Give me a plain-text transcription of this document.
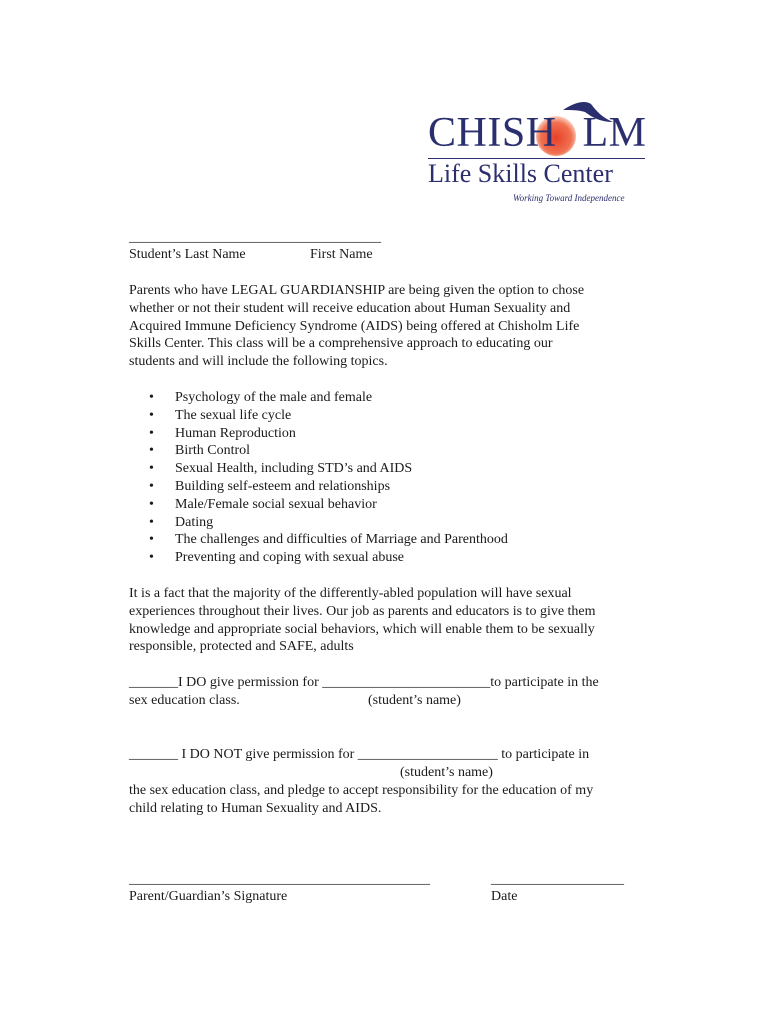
CHISH LM
Life Skills Center
Working Toward Independence
____________________________________
Student’s Last Name	First Name
Parents who have LEGAL GUARDIANSHIP are being given the option to chose
whether or not their student will receive education about Human Sexuality and
Acquired Immune Deficiency Syndrome (AIDS) being offered at Chisholm Life
Skills Center. This class will be a comprehensive approach to educating our
students and will include the following topics.
• Psychology of the male and female
• The sexual life cycle
• Human Reproduction
• Birth Control
• Sexual Health, including STD’s and AIDS
• Building self-esteem and relationships
• Male/Female social sexual behavior
• Dating
• The challenges and difficulties of Marriage and Parenthood
• Preventing and coping with sexual abuse
It is a fact that the majority of the differently-abled population will have sexual
experiences throughout their lives. Our job as parents and educators is to give them
knowledge and appropriate social behaviors, which will enable them to be sexually
responsible, protected and SAFE, adults
_______I DO give permission for ________________________to participate in the
sex education class.	(student’s name)
_______ I DO NOT give permission for ____________________ to participate in
(student’s name)
the sex education class, and pledge to accept responsibility for the education of my
child relating to Human Sexuality and AIDS.
___________________________________________	___________________
Parent/Guardian’s Signature	Date
